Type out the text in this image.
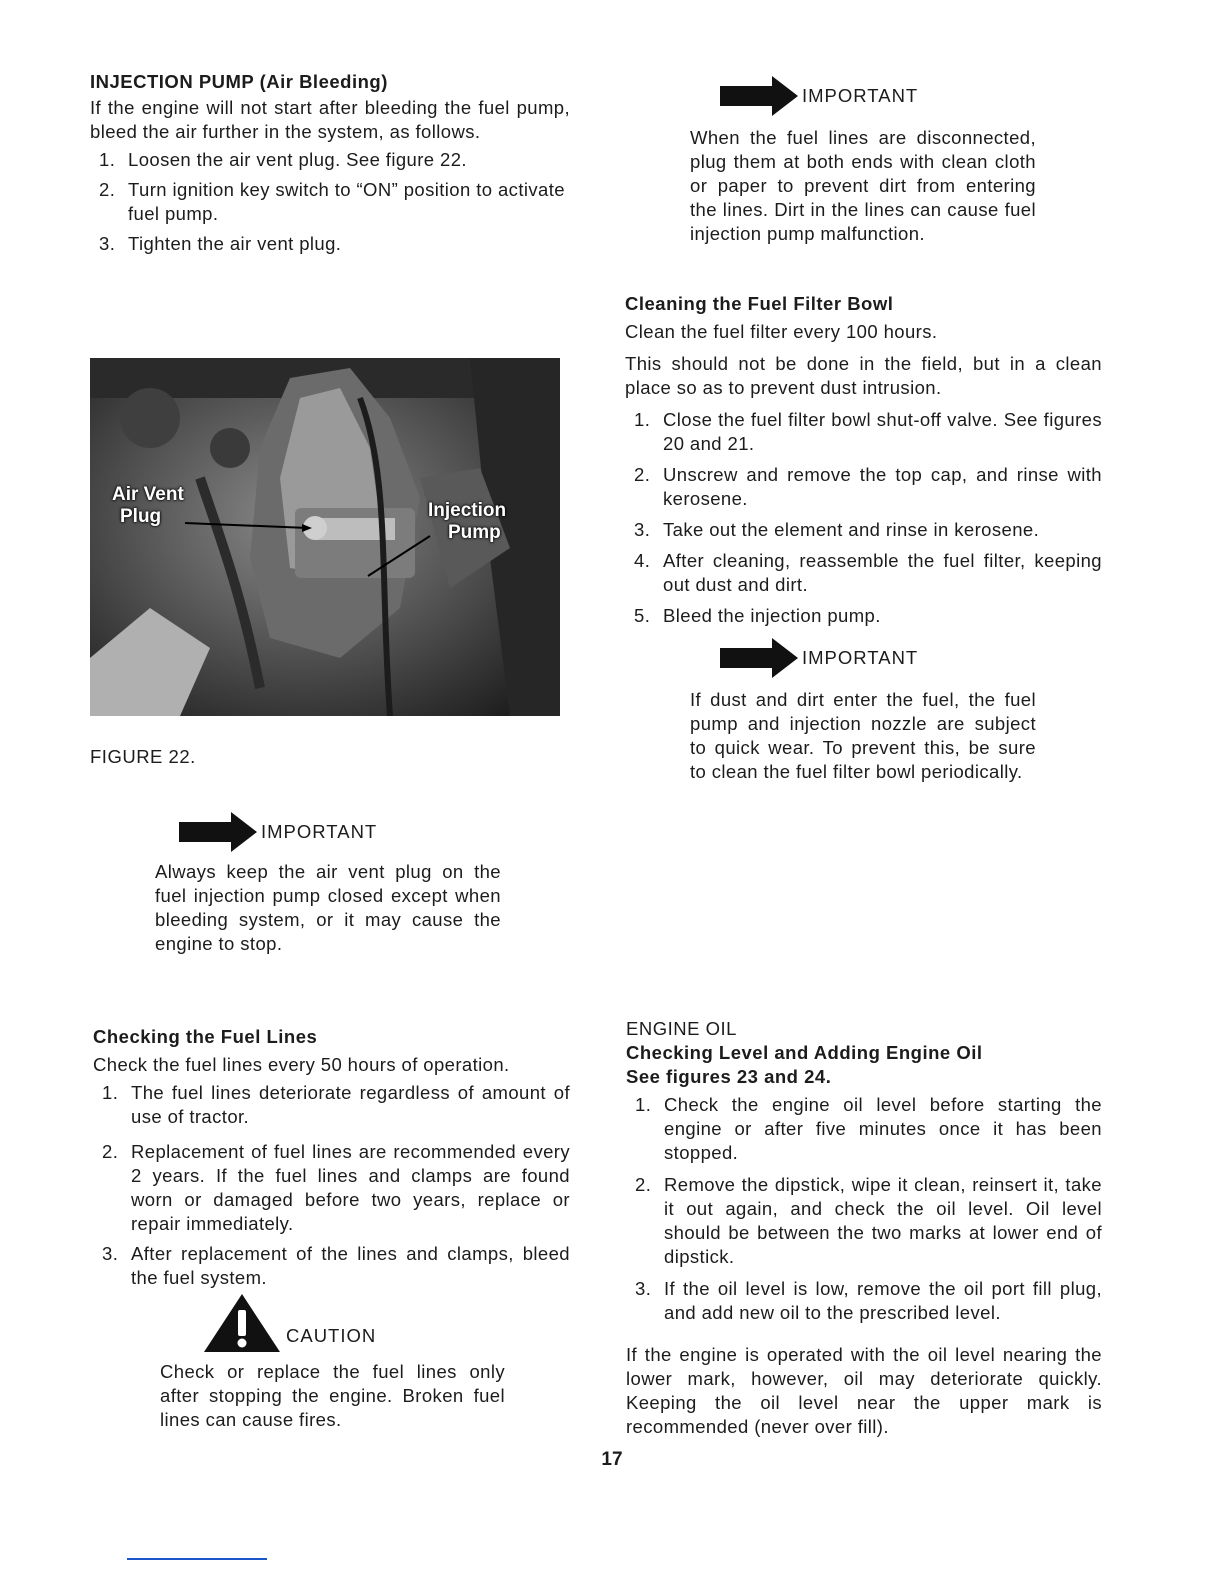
INJECTION PUMP (Air Bleeding)

If the engine will not start after bleeding the fuel pump, bleed the air further in the system, as follows.

1. Loosen the air vent plug. See figure 22.
2. Turn ignition key switch to “ON” position to activate fuel pump.
3. Tighten the air vent plug.
Air Vent
Plug	Injection
Pump
FIGURE 22.
IMPORTANT

Always keep the air vent plug on the fuel injection pump closed except when bleeding system, or it may cause the engine to stop.

Checking the Fuel Lines

Check the fuel lines every 50 hours of operation.

1. The fuel lines deteriorate regardless of amount of use of tractor.
2. Replacement of fuel lines are recommended every 2 years. If the fuel lines and clamps are found worn or damaged before two years, replace or repair immediately.
3. After replacement of the lines and clamps, bleed the fuel system.
CAUTION

Check or replace the fuel lines only after stopping the engine. Broken fuel lines can cause fires.

IMPORTANT

When the fuel lines are disconnected, plug them at both ends with clean cloth or paper to prevent dirt from entering the lines. Dirt in the lines can cause fuel injection pump malfunction.

Cleaning the Fuel Filter Bowl

Clean the fuel filter every 100 hours.

This should not be done in the field, but in a clean place so as to prevent dust intrusion.

1. Close the fuel filter bowl shut-off valve. See figures 20 and 21.
2. Unscrew and remove the top cap, and rinse with kerosene.
3. Take out the element and rinse in kerosene.
4. After cleaning, reassemble the fuel filter, keeping out dust and dirt.
5. Bleed the injection pump.
IMPORTANT

If dust and dirt enter the fuel, the fuel pump and injection nozzle are subject to quick wear. To prevent this, be sure to clean the fuel filter bowl periodically.

ENGINE OIL

Checking Level and Adding Engine Oil

See figures 23 and 24.

1. Check the engine oil level before starting the engine or after five minutes once it has been stopped.
2. Remove the dipstick, wipe it clean, reinsert it, take it out again, and check the oil level. Oil level should be between the two marks at lower end of dipstick.
3. If the oil level is low, remove the oil port fill plug, and add new oil to the prescribed level.

If the engine is operated with the oil level nearing the lower mark, however, oil may deteriorate quickly. Keeping the oil level near the upper mark is recommended (never over fill).

17
